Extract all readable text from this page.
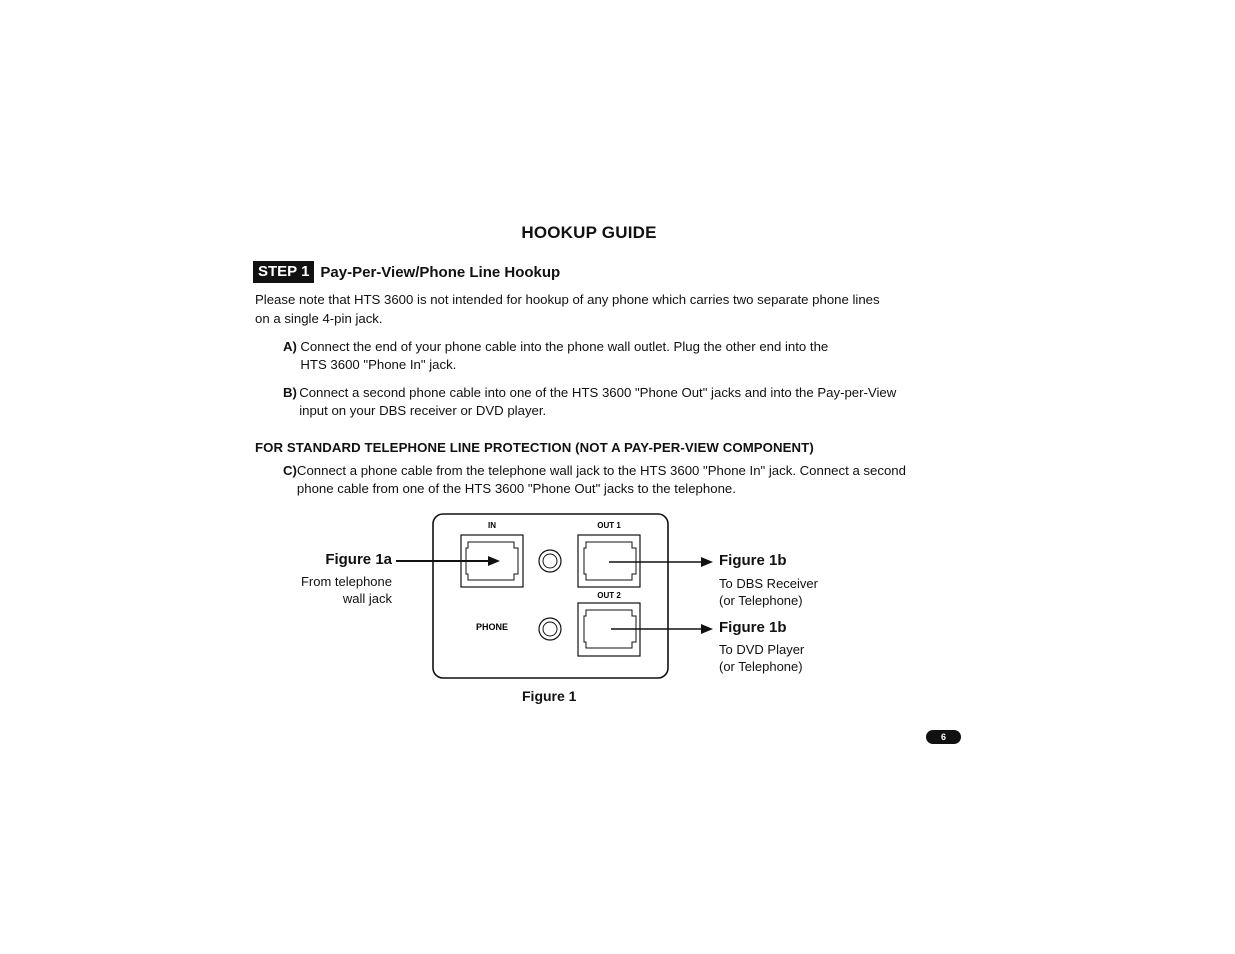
HOOKUP GUIDE
STEP 1 Pay-Per-View/Phone Line Hookup
Please note that HTS 3600 is not intended for hookup of any phone which carries two separate phone lines on a single 4-pin jack.
A) Connect the end of your phone cable into the phone wall outlet. Plug the other end into the HTS 3600 "Phone In" jack.
B) Connect a second phone cable into one of the HTS 3600 "Phone Out" jacks and into the Pay-per-View input on your DBS receiver or DVD player.
FOR STANDARD TELEPHONE LINE PROTECTION (NOT A PAY-PER-VIEW COMPONENT)
C) Connect a phone cable from the telephone wall jack to the HTS 3600 "Phone In" jack. Connect a second phone cable from one of the HTS 3600 "Phone Out" jacks to the telephone.
IN	OUT 1
OUT 2
PHONE
Figure 1a
From telephone
wall jack
Figure 1b
To DBS Receiver
(or Telephone)
Figure 1b
To DVD Player
(or Telephone)
Figure 1
6
